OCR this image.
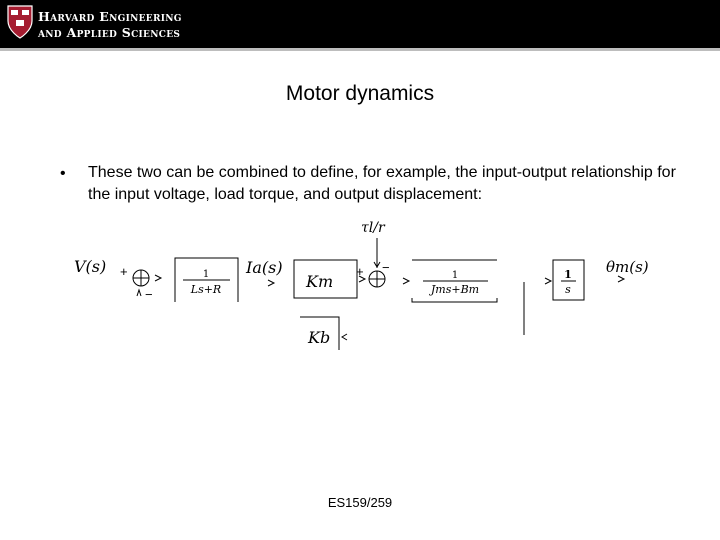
Harvard Engineering
and Applied Sciences
Motor dynamics
• These two can be combined to define, for example, the input-output relationship for the input voltage, load torque, and output displacement:
V(s) +
−
1
Ls+R
Ia(s)
Km
τl/r
+ −
1
Jms+Bm
1
s
θm(s)
Kb
ES159/259
